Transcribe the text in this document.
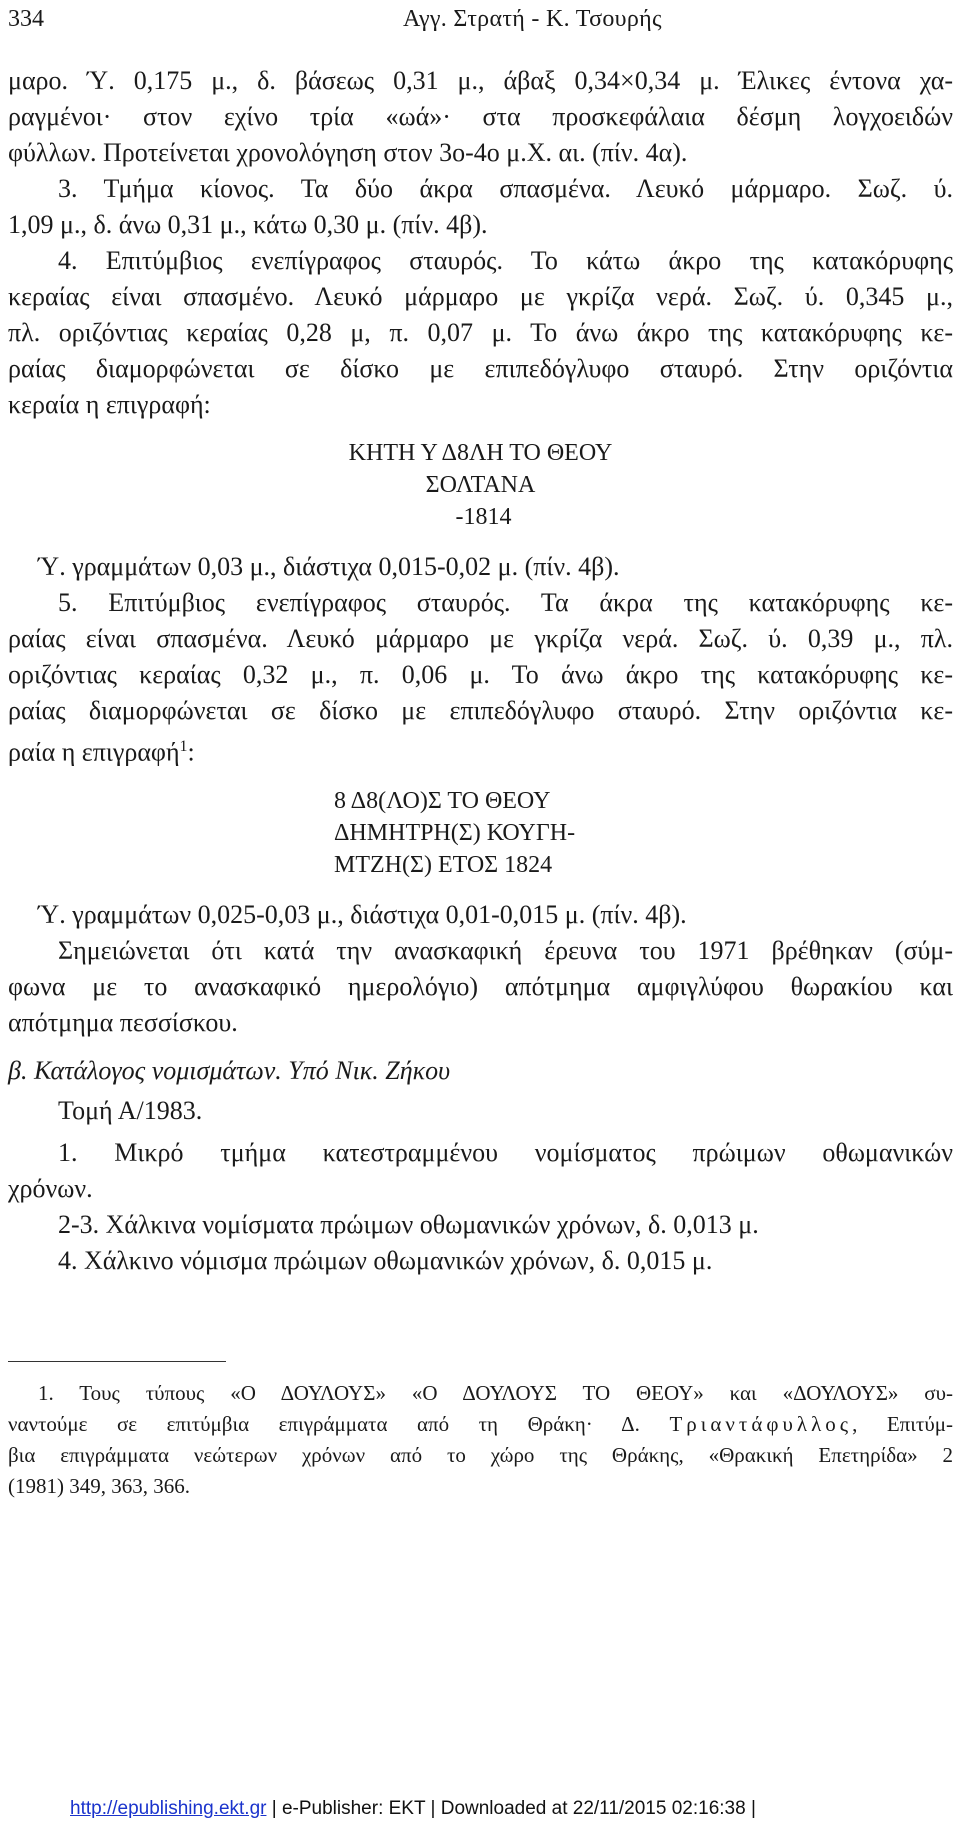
334	Αγγ. Στρατή - Κ. Τσουρής
μαρο. Ύ. 0,175 μ., δ. βάσεως 0,31 μ., άβαξ 0,34×0,34 μ. Έλικες έντονα χα-
ραγμένοι· στον εχίνο τρία «ωά»· στα προσκεφάλαια δέσμη λογχοειδών
φύλλων. Προτείνεται χρονολόγηση στον 3ο-4ο μ.Χ. αι. (πίν. 4α).
3. Τμήμα κίονος. Τα δύο άκρα σπασμένα. Λευκό μάρμαρο. Σωζ. ύ.
1,09 μ., δ. άνω 0,31 μ., κάτω 0,30 μ. (πίν. 4β).
4. Επιτύμβιος ενεπίγραφος σταυρός. Το κάτω άκρο της κατακόρυφης
κεραίας είναι σπασμένο. Λευκό μάρμαρο με γκρίζα νερά. Σωζ. ύ. 0,345 μ.,
πλ. οριζόντιας κεραίας 0,28 μ, π. 0,07 μ. Το άνω άκρο της κατακόρυφης κε-
ραίας διαμορφώνεται σε δίσκο με επιπεδόγλυφο σταυρό. Στην οριζόντια
κεραία η επιγραφή:
ΚΗΤΗ Υ Δ8ΛΗ ΤΟ ΘΕΟΥ
ΣΟΛΤΑΝΑ
-1814
Ύ. γραμμάτων 0,03 μ., διάστιχα 0,015-0,02 μ. (πίν. 4β).
5. Επιτύμβιος ενεπίγραφος σταυρός. Τα άκρα της κατακόρυφης κε-
ραίας είναι σπασμένα. Λευκό μάρμαρο με γκρίζα νερά. Σωζ. ύ. 0,39 μ., πλ.
οριζόντιας κεραίας 0,32 μ., π. 0,06 μ. Το άνω άκρο της κατακόρυφης κε-
ραίας διαμορφώνεται σε δίσκο με επιπεδόγλυφο σταυρό. Στην οριζόντια κε-
ραία η επιγραφή$^1$:
8 Δ8(ΛΟ)Σ ΤΟ ΘΕΟΥ
ΔΗΜΗΤΡΗ(Σ) ΚΟΥΓΗ-
ΜΤΖΗ(Σ) ΕΤΟΣ 1824
Ύ. γραμμάτων 0,025-0,03 μ., διάστιχα 0,01-0,015 μ. (πίν. 4β).
Σημειώνεται ότι κατά την ανασκαφική έρευνα του 1971 βρέθηκαν (σύμ-
φωνα με το ανασκαφικό ημερολόγιο) απότμημα αμφιγλύφου θωρακίου και
απότμημα πεσσίσκου.
β. Κατάλογος νομισμάτων. Υπό Νικ. Ζήκου
Τομή Α/1983.
1. Μικρό τμήμα κατεστραμμένου νομίσματος πρώιμων οθωμανικών
χρόνων.
2-3. Χάλκινα νομίσματα πρώιμων οθωμανικών χρόνων, δ. 0,013 μ.
4. Χάλκινο νόμισμα πρώιμων οθωμανικών χρόνων, δ. 0,015 μ.
1. Τους τύπους «Ο ΔΟΥΛΟΥΣ» «Ο ΔΟΥΛΟΥΣ ΤΟ ΘΕΟΥ» και «ΔΟΥΛΟΥΣ» συ-
ναντούμε σε επιτύμβια επιγράμματα από τη Θράκη· Δ. Τριαντάφυλλος, Επιτύμ-
βια επιγράμματα νεώτερων χρόνων από το χώρο της Θράκης, «Θρακική Επετηρίδα» 2
(1981) 349, 363, 366.
http://epublishing.ekt.gr | e-Publisher: EKT | Downloaded at 22/11/2015 02:16:38 |
